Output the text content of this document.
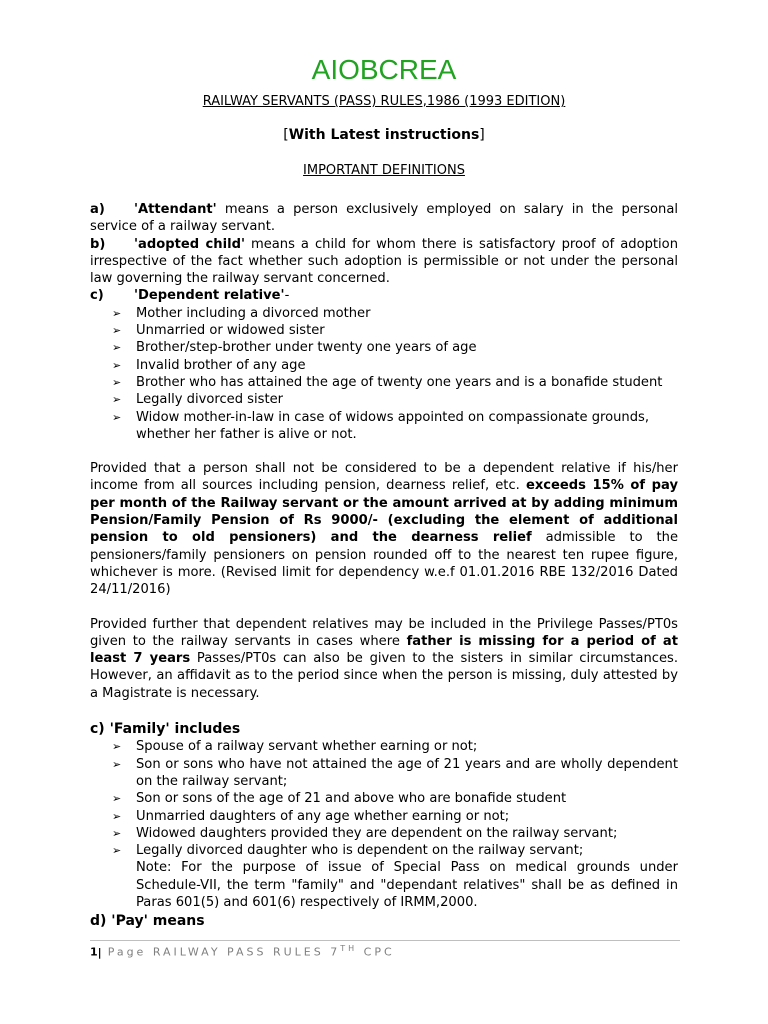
AIOBCREA
RAILWAY SERVANTS (PASS) RULES,1986 (1993 EDITION)
[With Latest instructions]
IMPORTANT DEFINITIONS

a) 'Attendant' means a person exclusively employed on salary in the personal service of a railway servant.

b) 'adopted child' means a child for whom there is satisfactory proof of adoption irrespective of the fact whether such adoption is permissible or not under the personal law governing the railway servant concerned.

c) 'Dependent relative'-

➢ Mother including a divorced mother
➢ Unmarried or widowed sister
➢ Brother/step-brother under twenty one years of age
➢ Invalid brother of any age
➢ Brother who has attained the age of twenty one years and is a bonafide student
➢ Legally divorced sister
➢ Widow mother-in-law in case of widows appointed on compassionate grounds, whether her father is alive or not.

Provided that a person shall not be considered to be a dependent relative if his/her income from all sources including pension, dearness relief, etc. exceeds 15% of pay per month of the Railway servant or the amount arrived at by adding minimum Pension/Family Pension of Rs 9000/- (excluding the element of additional pension to old pensioners) and the dearness relief admissible to the pensioners/family pensioners on pension rounded off to the nearest ten rupee figure, whichever is more. (Revised limit for dependency w.e.f 01.01.2016 RBE 132/2016 Dated 24/11/2016)

Provided further that dependent relatives may be included in the Privilege Passes/PT0s given to the railway servants in cases where father is missing for a period of at least 7 years Passes/PT0s can also be given to the sisters in similar circumstances. However, an affidavit as to the period since when the person is missing, duly attested by a Magistrate is necessary.

c) 'Family' includes

➢ Spouse of a railway servant whether earning or not;
➢ Son or sons who have not attained the age of 21 years and are wholly dependent on the railway servant;
➢ Son or sons of the age of 21 and above who are bonafide student
➢ Unmarried daughters of any age whether earning or not;
➢ Widowed daughters provided they are dependent on the railway servant;
➢ Legally divorced daughter who is dependent on the railway servant;
Note: For the purpose of issue of Special Pass on medical grounds under Schedule-VII, the term "family" and "dependant relatives" shall be as defined in Paras 601(5) and 601(6) respectively of IRMM,2000.

d) 'Pay' means

1| Page RAILWAY PASS RULES 7TH CPC
